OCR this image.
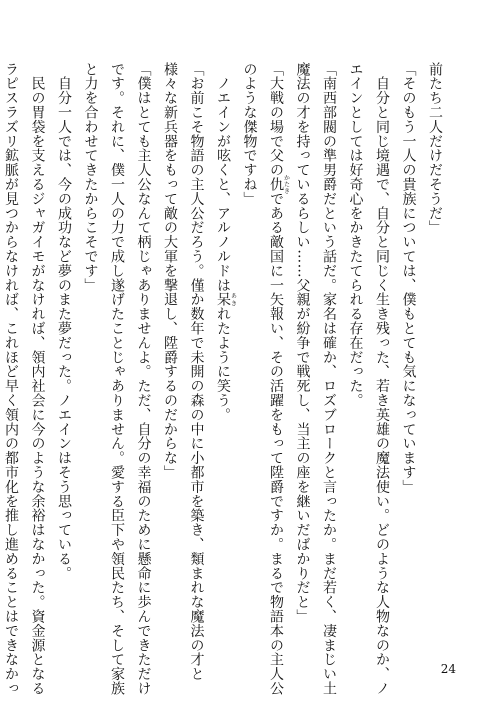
前たち二人だけだそうだ」
「そのもう一人の貴族については、僕もとても気になっています」
　自分と同じ境遇で、自分と同じく生き残った、若き英雄の魔法使い。どのような人物なのか、ノ
エインとしては好奇心をかきたてられる存在だった。
「南西部閥の準男爵だという話だ。家名は確か、ロズブロークと言ったか。まだ若く、凄まじい土
魔法の才を持っているらしい……父親が紛争で戦死し、当主の座を継いだばかりだと」
「大戦の場で父の仇かたきである敵国に一矢報い、その活躍をもって陞爵ですか。まるで物語本の主人公
のような傑物ですね」
　ノエインが呟くと、アルノルドは呆あきれたように笑う。
「お前こそ物語の主人公だろう。僅か数年で未開の森の中に小都市を築き、類まれな魔法の才と
様々な新兵器をもって敵の大軍を撃退し、陞爵するのだからな」
「僕はとても主人公なんて柄じゃありませんよ。ただ、自分の幸福のために懸命に歩んできただけ
です。それに、僕一人の力で成し遂げたことじゃありません。愛する臣下や領民たち、そして家族
と力を合わせてきたからこそです」
　自分一人では、今の成功など夢のまた夢だった。ノエインはそう思っている。
　民の胃袋を支えるジャガイモがなければ、領内社会に今のような余裕はなかった。資金源となる
ラピスラズリ鉱脈が見つからなければ、これほど早く領内の都市化を推し進めることはできなかっ	24
